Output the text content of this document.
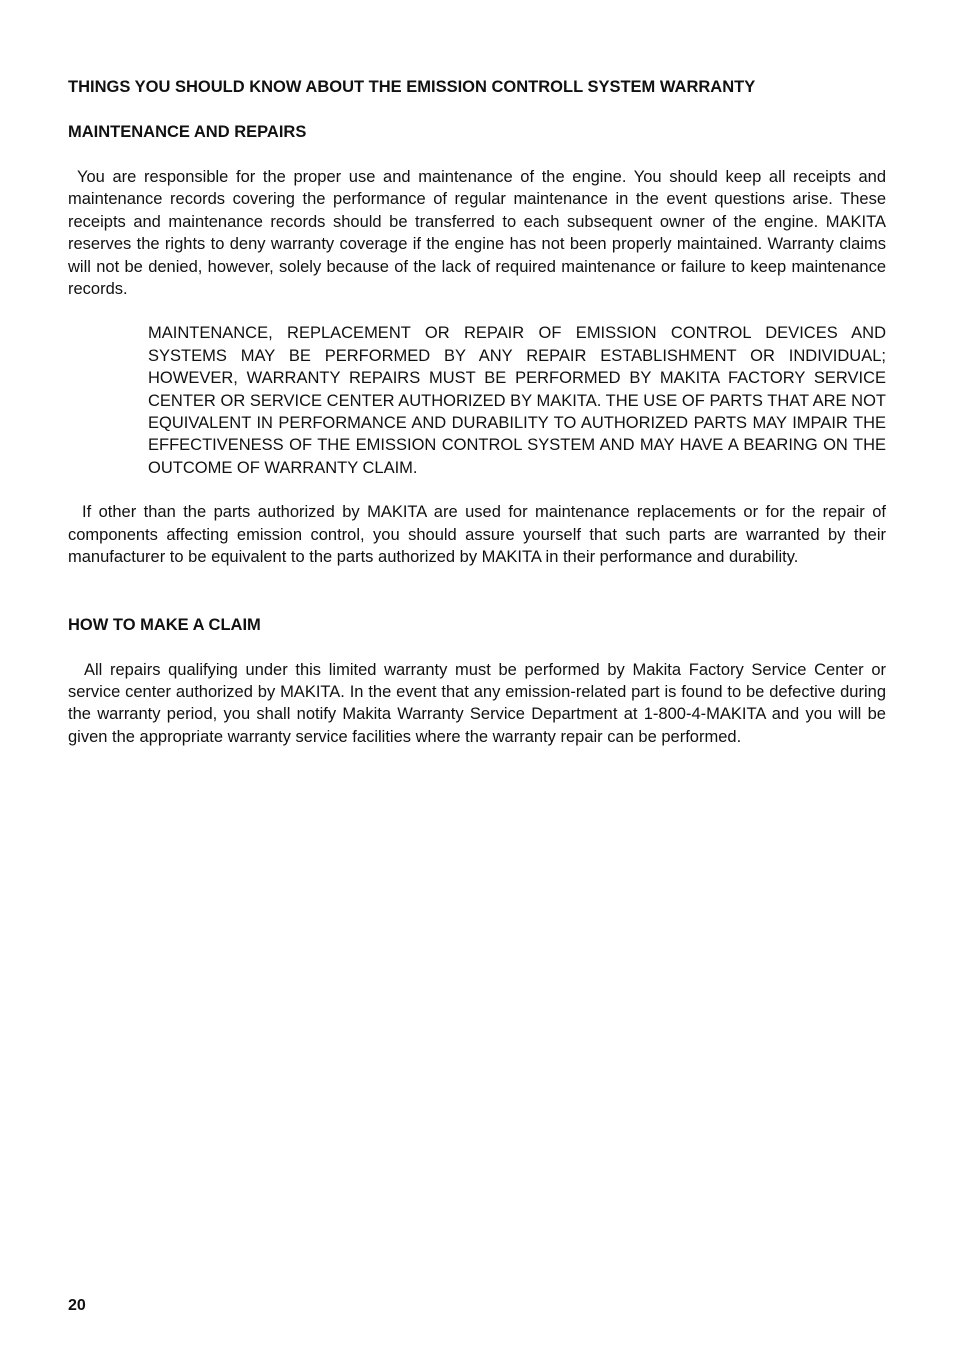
THINGS YOU SHOULD KNOW ABOUT THE EMISSION CONTROLL SYSTEM WARRANTY
MAINTENANCE AND REPAIRS

You are responsible for the proper use and maintenance of the engine. You should keep all receipts and maintenance records covering the performance of regular maintenance in the event questions arise. These receipts and maintenance records should be transferred to each subsequent owner of the engine. MAKITA reserves the rights to deny warranty coverage if the engine has not been properly maintained. Warranty claims will not be denied, however, solely because of the lack of required maintenance or failure to keep maintenance records.

MAINTENANCE, REPLACEMENT OR REPAIR OF EMISSION CONTROL DEVICES AND SYSTEMS MAY BE PERFORMED BY ANY REPAIR ESTABLISHMENT OR INDIVIDUAL; HOWEVER, WARRANTY REPAIRS MUST BE PERFORMED BY MAKITA FACTORY SERVICE CENTER OR SERVICE CENTER AUTHORIZED BY MAKITA. THE USE OF PARTS THAT ARE NOT EQUIVALENT IN PERFORMANCE AND DURABILITY TO AUTHORIZED PARTS MAY IMPAIR THE EFFECTIVENESS OF THE EMISSION CONTROL SYSTEM AND MAY HAVE A BEARING ON THE OUTCOME OF WARRANTY CLAIM.

If other than the parts authorized by MAKITA are used for maintenance replacements or for the repair of components affecting emission control, you should assure yourself that such parts are warranted by their manufacturer to be equivalent to the parts authorized by MAKITA in their performance and durability.

HOW TO MAKE A CLAIM

All repairs qualifying under this limited warranty must be performed by Makita Factory Service Center or service center authorized by MAKITA. In the event that any emission-related part is found to be defective during the warranty period, you shall notify Makita Warranty Service Department at 1-800-4-MAKITA and you will be given the appropriate warranty service facilities where the warranty repair can be performed.

20
